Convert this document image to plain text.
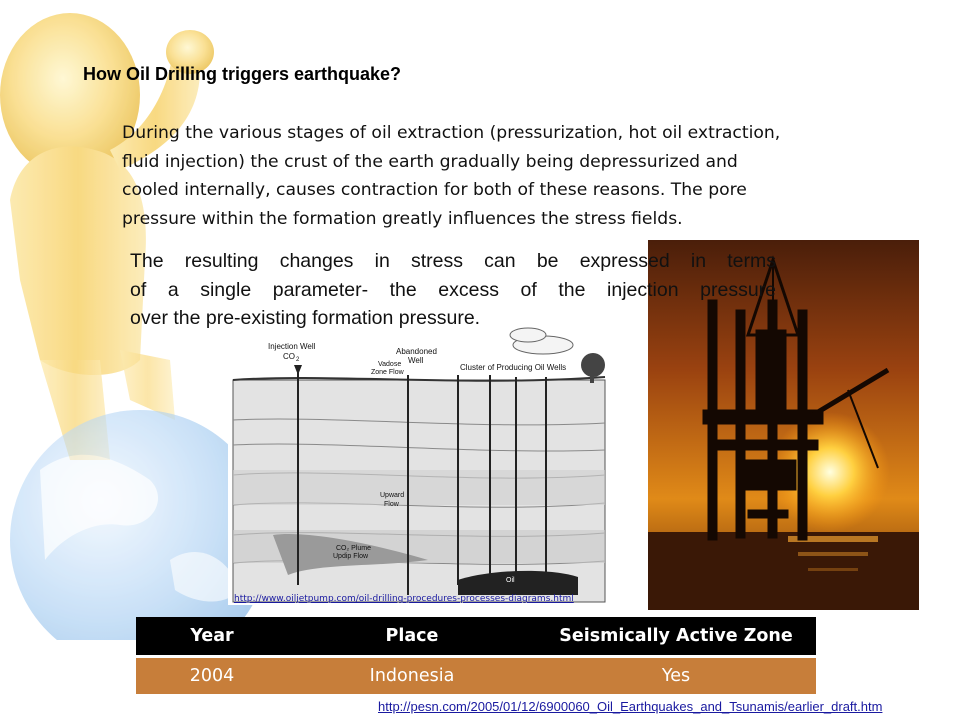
How Oil Drilling triggers earthquake?
During the various stages of oil extraction (pressurization, hot oil extraction,
fluid injection) the crust of the earth gradually being depressurized and
cooled internally, causes contraction for both of these reasons. The pore
pressure within the formation greatly influences the stress fields.
Injection Well
CO 2
Vadose
Zone Flow
Abandoned
Well
Cluster of Producing Oil Wells
Upward
Flow
CO₂ Plume
Updip Flow
Oil
The resulting changes in stress can be expressed in terms
of a single parameter- the excess of the injection pressure
over the pre-existing formation pressure.
http://www.oiljetpump.com/oil-drilling-procedures-processes-diagrams.html
Year	Place	Seismically Active Zone
2004	Indonesia	Yes
http://pesn.com/2005/01/12/6900060_Oil_Earthquakes_and_Tsunamis/earlier_draft.htm
